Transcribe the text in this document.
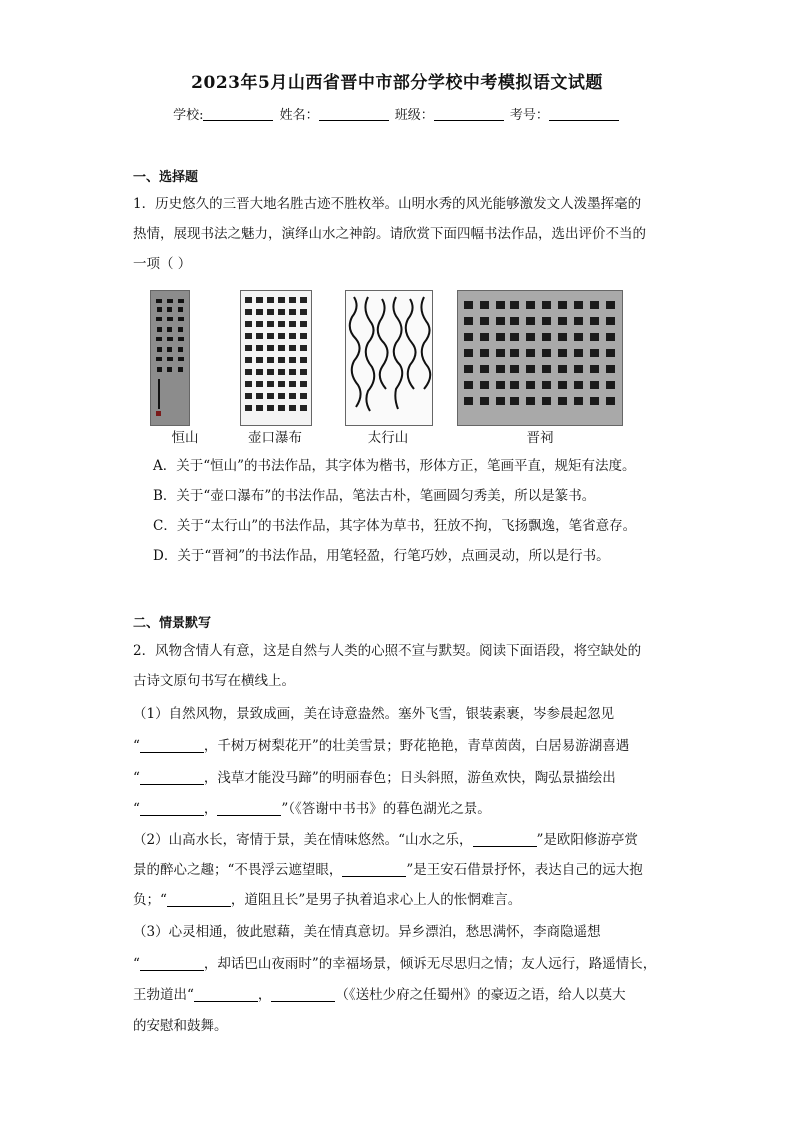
2023年5月山西省晋中市部分学校中考模拟语文试题
学校:	姓名：	班级：	考号：
一、选择题
1．历史悠久的三晋大地名胜古迹不胜枚举。山明水秀的风光能够激发文人泼墨挥毫的
热情，展现书法之魅力，演绎山水之神韵。请欣赏下面四幅书法作品，选出评价不当的
一项（ ）
恒山	壶口瀑布	太行山	晋祠
A．关于“恒山”的书法作品，其字体为楷书，形体方正，笔画平直，规矩有法度。
B．关于“壶口瀑布”的书法作品，笔法古朴，笔画圆匀秀美，所以是篆书。
C．关于“太行山”的书法作品，其字体为草书，狂放不拘，飞扬飘逸，笔省意存。
D．关于“晋祠”的书法作品，用笔轻盈，行笔巧妙，点画灵动，所以是行书。
二、情景默写
2．风物含情人有意，这是自然与人类的心照不宣与默契。阅读下面语段，将空缺处的
古诗文原句书写在横线上。
（1）自然风物，景致成画，美在诗意盎然。塞外飞雪，银装素裹，岑参晨起忽见
“	，千树万树梨花开”的壮美雪景；野花艳艳，青草茵茵，白居易游湖喜遇
“	，浅草才能没马蹄”的明丽春色；日头斜照，游鱼欢快，陶弘景描绘出
“	，	”（《答谢中书书》的暮色湖光之景。
（2）山高水长，寄情于景，美在情味悠然。“山水之乐，	”是欧阳修游亭赏
景的醉心之趣；“不畏浮云遮望眼，	”是王安石借景抒怀，表达自己的远大抱
负；“	，道阻且长”是男子执着追求心上人的怅惘难言。
（3）心灵相通，彼此慰藉，美在情真意切。异乡漂泊，愁思满怀，李商隐遥想
“	，却话巴山夜雨时”的幸福场景，倾诉无尽思归之情；友人远行，路遥情长，
王勃道出“	，	（《送杜少府之任蜀州》的豪迈之语，给人以莫大
的安慰和鼓舞。
